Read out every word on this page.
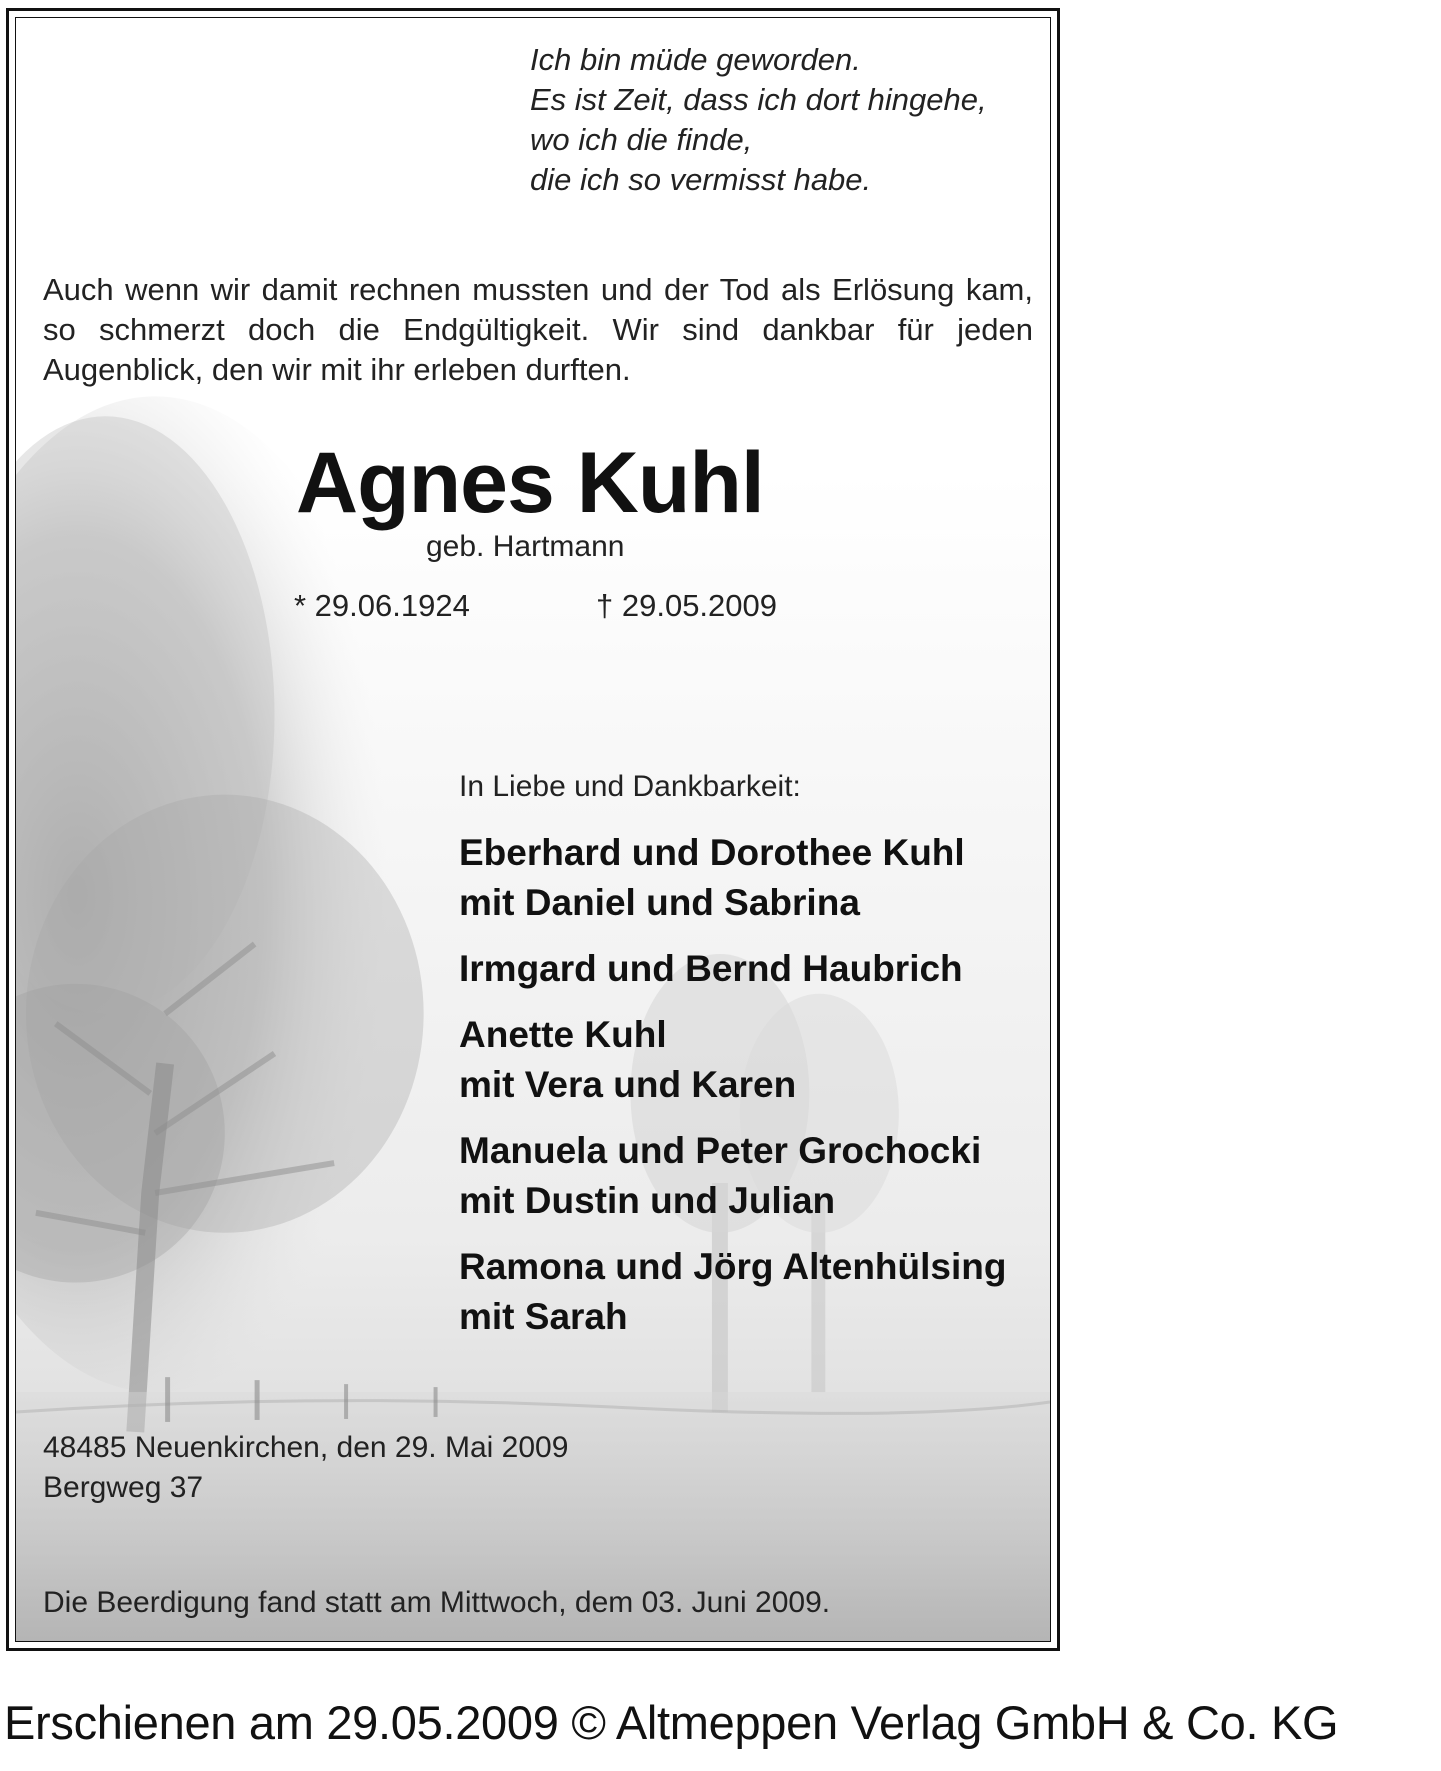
Ich bin müde geworden.
Es ist Zeit, dass ich dort hingehe,
wo ich die finde,
die ich so vermisst habe.
Auch wenn wir damit rechnen mussten und der Tod als Erlösung kam, so schmerzt doch die Endgültigkeit. Wir sind dankbar für jeden Augenblick, den wir mit ihr erleben durften.
Agnes Kuhl
geb. Hartmann
* 29.06.1924	† 29.05.2009
In Liebe und Dankbarkeit:
Eberhard und Dorothee Kuhl
mit Daniel und Sabrina
Irmgard und Bernd Haubrich
Anette Kuhl
mit Vera und Karen
Manuela und Peter Grochocki
mit Dustin und Julian
Ramona und Jörg Altenhülsing
mit Sarah
48485 Neuenkirchen, den 29. Mai 2009
Bergweg 37
Die Beerdigung fand statt am Mittwoch, dem 03. Juni 2009.
Erschienen am 29.05.2009 © Altmeppen Verlag GmbH & Co. KG
